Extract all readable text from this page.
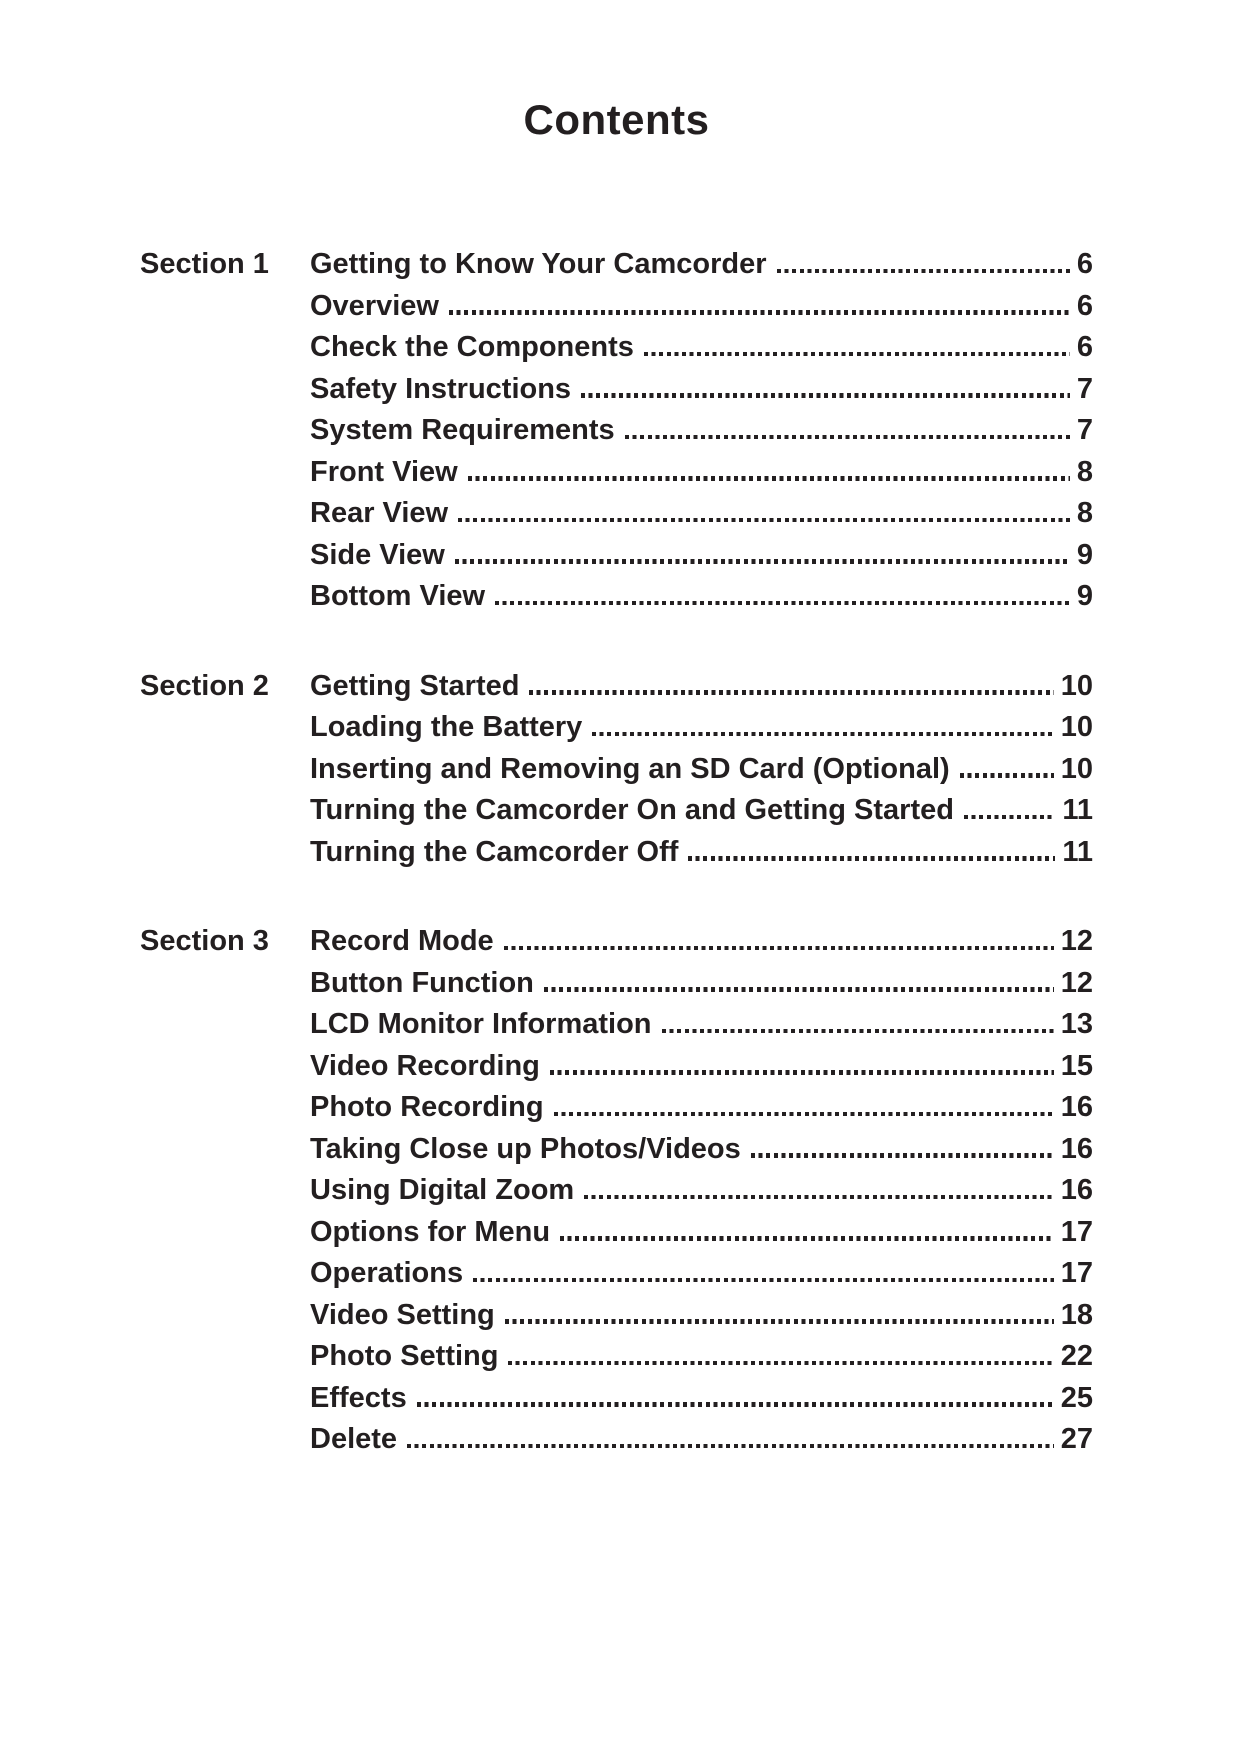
Contents
Section 1	Getting to Know Your Camcorder	6
Overview	6
Check the Components	6
Safety Instructions	7
System Requirements	7
Front View	8
Rear View	8
Side View	9
Bottom View	9
Section 2	Getting Started	10
Loading the Battery	10
Inserting and Removing an SD Card (Optional)	10
Turning the Camcorder On and Getting Started	11
Turning the Camcorder Off	11
Section 3	Record Mode	12
Button Function	12
LCD Monitor Information	13
Video Recording	15
Photo Recording	16
Taking Close up Photos/Videos	16
Using Digital Zoom	16
Options for Menu	17
Operations	17
Video Setting	18
Photo Setting	22
Effects	25
Delete	27
